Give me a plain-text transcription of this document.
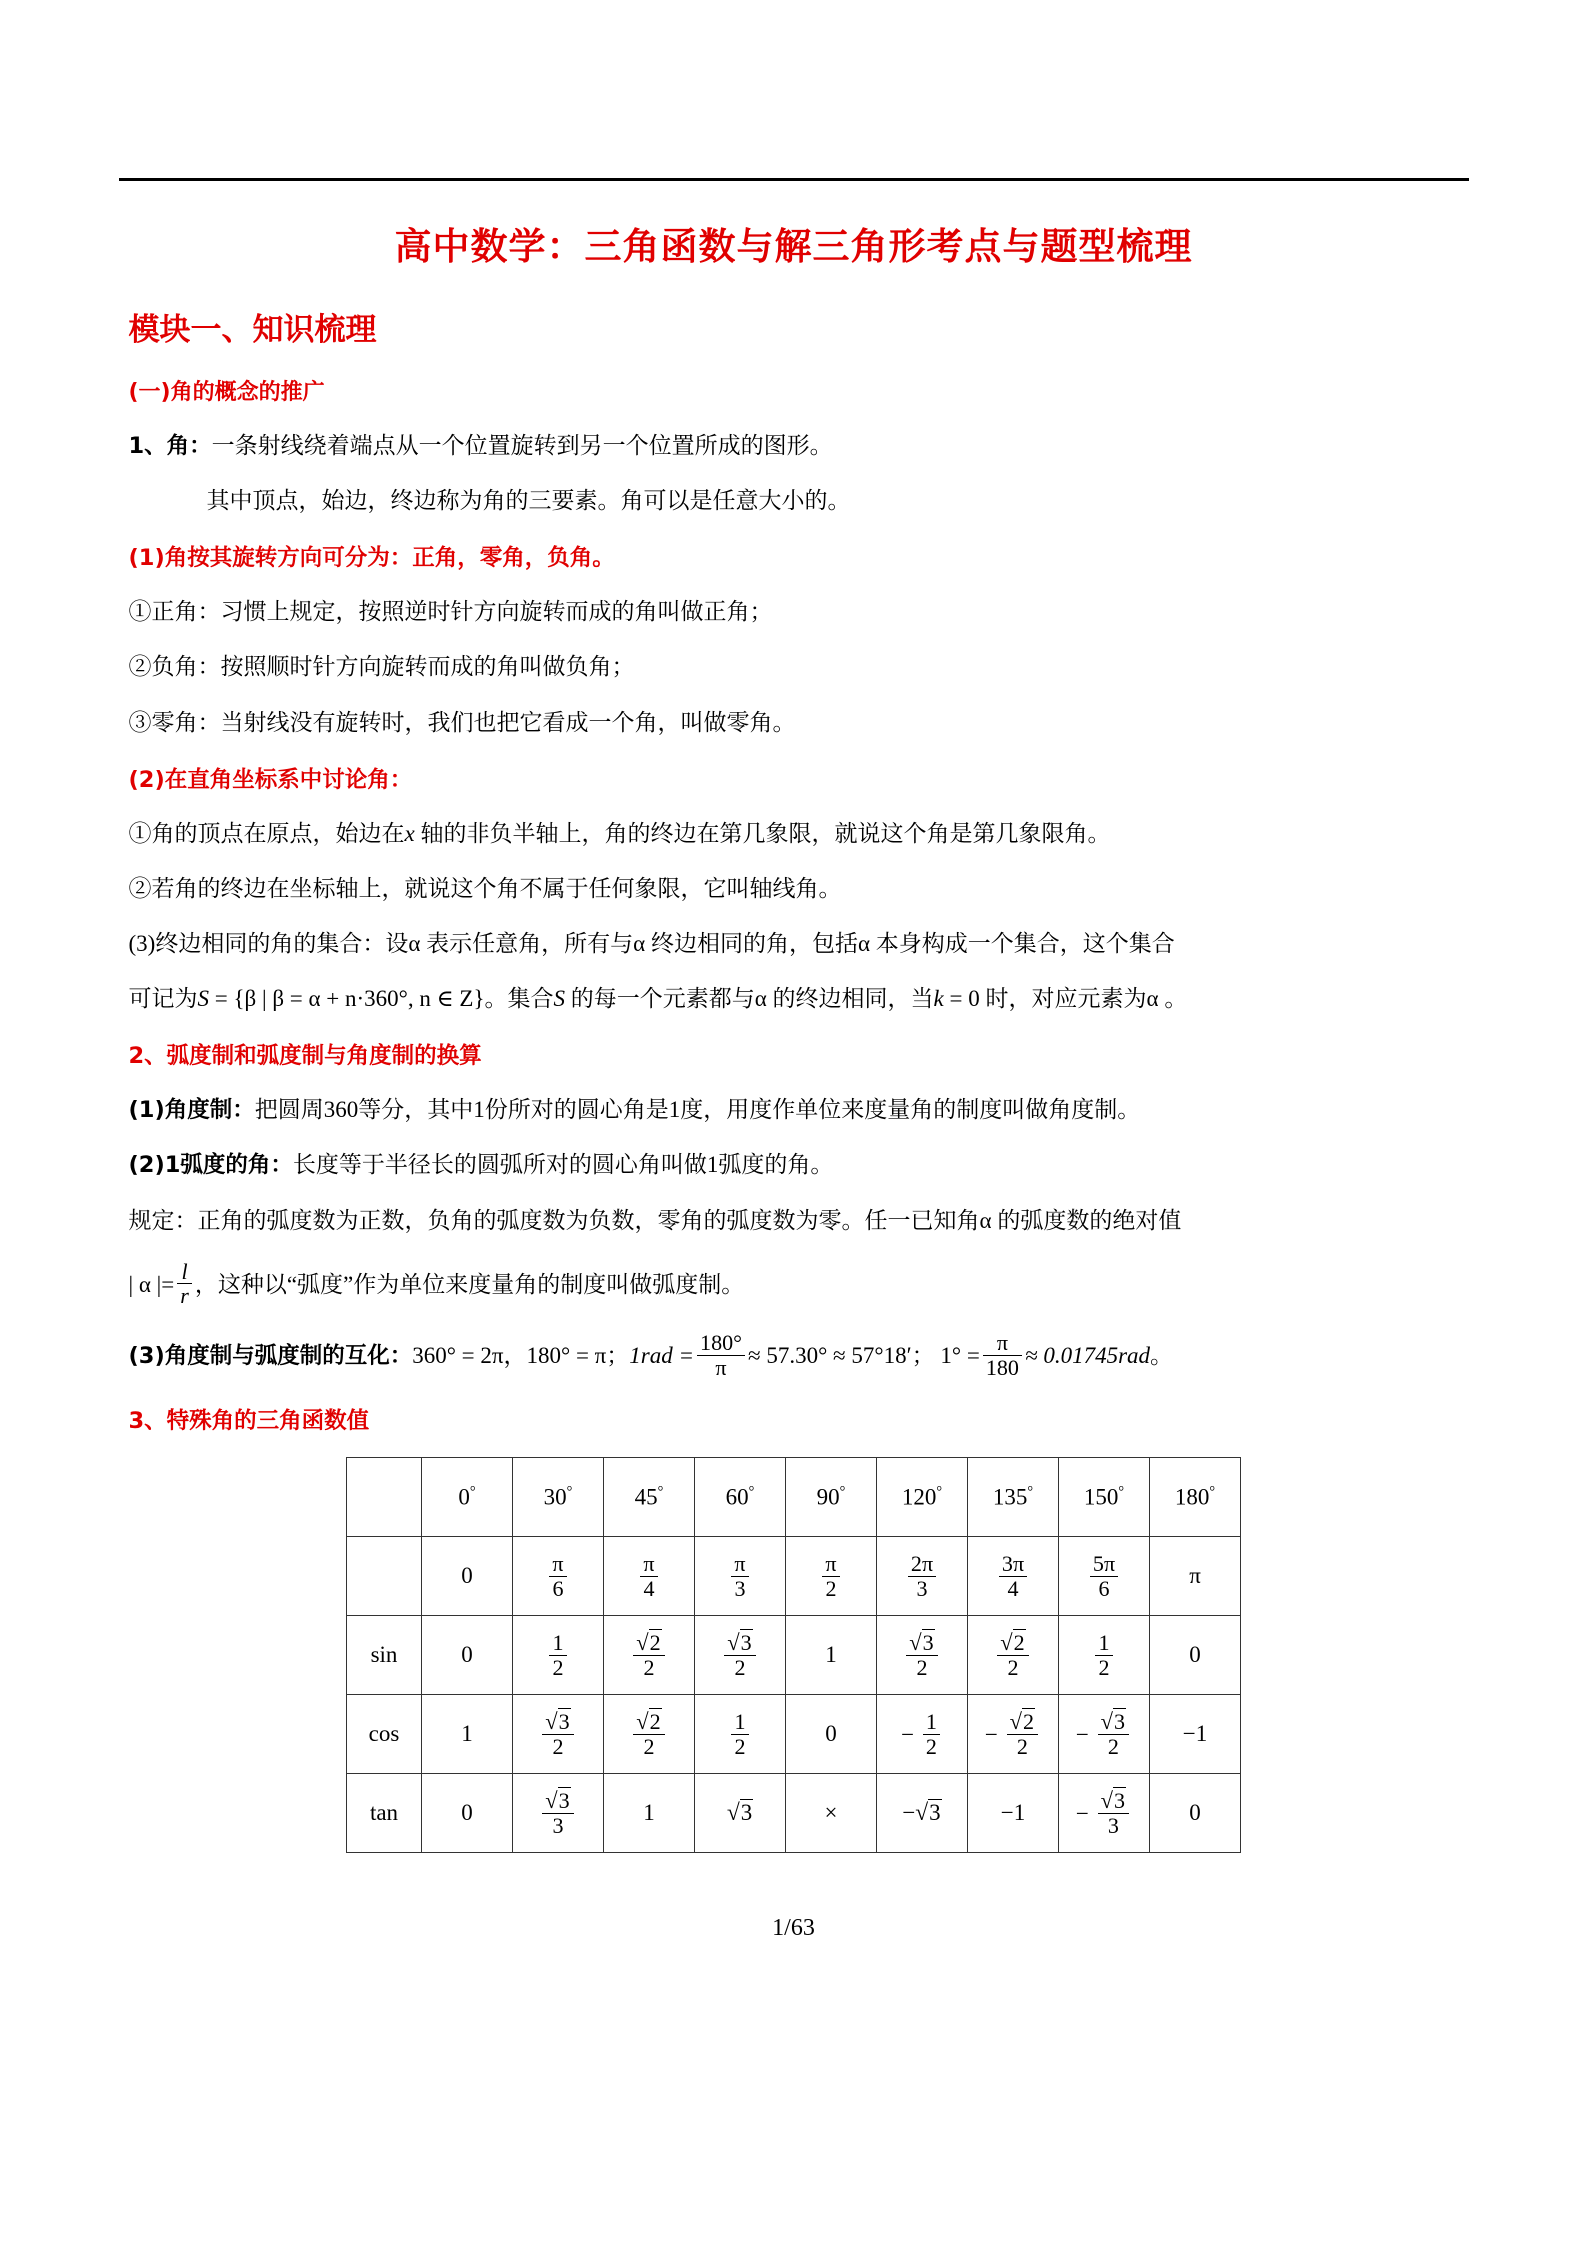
高中数学：三角函数与解三角形考点与题型梳理
模块一、知识梳理
(一)角的概念的推广
1、角：一条射线绕着端点从一个位置旋转到另一个位置所成的图形。
其中顶点，始边，终边称为角的三要素。角可以是任意大小的。
(1)角按其旋转方向可分为：正角，零角，负角。
①正角：习惯上规定，按照逆时针方向旋转而成的角叫做正角；
②负角：按照顺时针方向旋转而成的角叫做负角；
③零角：当射线没有旋转时，我们也把它看成一个角，叫做零角。
(2)在直角坐标系中讨论角：
①角的顶点在原点，始边在x 轴的非负半轴上，角的终边在第几象限，就说这个角是第几象限角。
②若角的终边在坐标轴上，就说这个角不属于任何象限，它叫轴线角。
(3)终边相同的角的集合：设α 表示任意角，所有与α 终边相同的角，包括α 本身构成一个集合，这个集合
可记为S = {β | β = α + n·360°, n ∈ Z}。集合S 的每一个元素都与α 的终边相同，当k = 0 时，对应元素为α 。
2、弧度制和弧度制与角度制的换算
(1)角度制：把圆周360等分，其中1份所对的圆心角是1度，用度作单位来度量角的制度叫做角度制。
(2)1弧度的角：长度等于半径长的圆弧所对的圆心角叫做1弧度的角。
规定：正角的弧度数为正数，负角的弧度数为负数，零角的弧度数为零。任一已知角α 的弧度数的绝对值
| α |= $\frac{l}{r}$ ，这种以“弧度”作为单位来度量角的制度叫做弧度制。
(3)角度制与弧度制的互化：360° = 2π，180° = π；$1rad = \frac{180^\circ}{\pi} \approx 57.30^\circ \approx 57^\circ 18'$； $1^\circ = \frac{\pi}{180} \approx 0.01745rad$。
3、特殊角的三角函数值
	0°	30°	45°	60°	90°	120°	135°	150°	180°
	0	$\frac{\pi}{6}$	$\frac{\pi}{4}$	$\frac{\pi}{3}$	$\frac{\pi}{2}$	$\frac{2\pi}{3}$	$\frac{3\pi}{4}$	$\frac{5\pi}{6}$	π
sin	0	$\frac{1}{2}$	$\frac{√2}{2}$	$\frac{√3}{2}$	1	$\frac{√3}{2}$	$\frac{√2}{2}$	$\frac{1}{2}$	0
cos	1	$\frac{√3}{2}$	$\frac{√2}{2}$	$\frac{1}{2}$	0	− $\frac{1}{2}$	− $\frac{√2}{2}$	− $\frac{√3}{2}$	−1
tan	0	$\frac{√3}{3}$	1	√3	×	−√3	−1	− $\frac{√3}{3}$	0
1/63
